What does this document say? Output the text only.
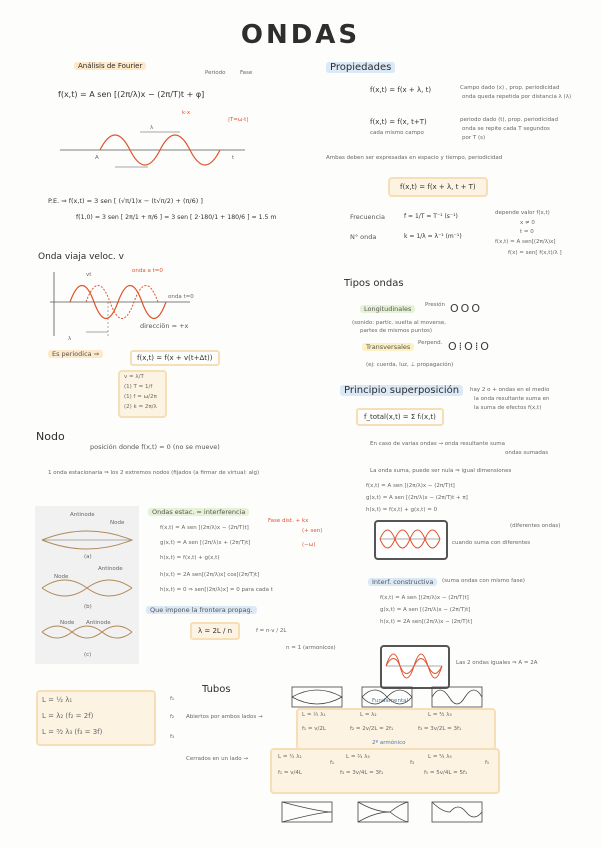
ONDAS
Análisis de Fourier
Periodo	Fase
f(x,t) = A sen [(2π/λ)x − (2π/T)t + φ]
k·x
|T=ω·t|
λ
A	t
P.E. ⇒ f(x,t) = 3 sen [ (√π/1)x − (t√π/2) + (π/6) ]
f(1,0) = 3 sen [ 2π/1 + π/6 ] = 3 sen [ 2·180/1 + 180/6 ] = 1.5 m
Onda viaja veloc. v
vt
onda a t=0
onda t=0
λ
direcciön = +x
Es periodica ⇒	f(x,t) = f(x + v(t+Δt))
v = λ/T
(1) T = 1/f
(1) f = ω/2π
(2) k = 2π/λ
Propiedades
f(x,t) = f(x + λ, t)	Campo dado (x) , prop. periodicidad
onda queda repetida por distancia λ (λ)
f(x,t) = f(x, t+T)	periodo dado (t), prop. periodicidad
onda se repite cada T segundos
cada mismo campo
por T (s)
Ambas deben ser expresadas en espacio y tiempo, periodicidad
f(x,t) = f(x + λ, t + T)
Frecuencia	f = 1/T = T⁻¹ (s⁻¹)
N° onda	k = 1/λ = λ⁻¹ (m⁻¹)
depende valor f(x,t)
x ≠ 0
t = 0
f(x,t) = A sen[(2π/λ)x]
f(x) = sen[ f(x,t)/λ ]
Tipos ondas
Longitudinales	Presión OOO
(sonido: partic. suelta al moverse,
partes de mismos puntos)
Transversales	Perpend. O⁞O⁞O
(ej: cuerda, luz, ⊥ propagación)
Principio superposición	hay 2 o + ondas en el medio
la onda resultante suma en
la suma de efectos f(x,t)
f_total(x,t) = Σ fᵢ(x,t)
En caso de varias ondas → onda resultante suma
ondas sumadas
La onda suma, puede ser nula ⇒ igual dimensiones
f(x,t) = A sen [(2π/λ)x − (2π/T)t]
g(x,t) = A sen [(2π/λ)x − (2π/T)t + π]
h(x,t) = f(x,t) + g(x,t) = 0
(diferentes ondas)
cuando suma con diferentes
Interf. constructiva	(suma ondas con mismo fase)
f(x,t) = A sen [(2π/λ)x − (2π/T)t]
g(x,t) = A sen [(2π/λ)x − (2π/T)t]
h(x,t) = 2A sen[(2π/λ)x − (2π/T)t]
Las 2 ondas iguales ⇒ A = 2A
Nodo
posición donde f(x,t) = 0 (no se mueve)
1 onda estacionaria ⇒ los 2 extremos nodos (fijados (a firmar de virtual: alg)
Antinode
Node
(a)
Node
Antinode
(b)
Node Antinode
(c)
Ondas estac. = interferencia
f(x,t) = A sen [(2π/λ)x − (2π/T)t]
g(x,t) = A sen [(2π/λ)x + (2π/T)t]
h(x,t) = f(x,t) + g(x,t)
h(x,t) = 2A sen[(2π/λ)x] cos[(2π/T)t]
h(x,t) = 0 ⇒ sen[(2π/λ)x] = 0 para cada t
Fase dist. + kx
(+ sen)
(−ω)
Que impone la frontera propag.
λ = 2L / n	f = n·v / 2L
n = 1 (armonicos)
Tubos
L = ½ λ₁
L = λ₂ (f₂ = 2f)
L = ³⁄₂ λ₃ (f₃ = 3f)
f₁
f₂
f₃
Abiertos por ambos lados →	L = ½ λ₁
f₁ = v/2L
L = λ₂
f₂ = 2v/2L = 2f₁
L = ³⁄₂ λ₃
f₃ = 3v/2L = 3f₁
Cerrados en un lado →	L = ¼ λ₁
f₁ = v/4L
L = ¾ λ₃
f₃ = 3v/4L = 3f₁
L = ⁵⁄₄ λ₅
f₅ = 5v/4L = 5f₁
f₁	f₃	f₅
Fundamental
2º armónico
